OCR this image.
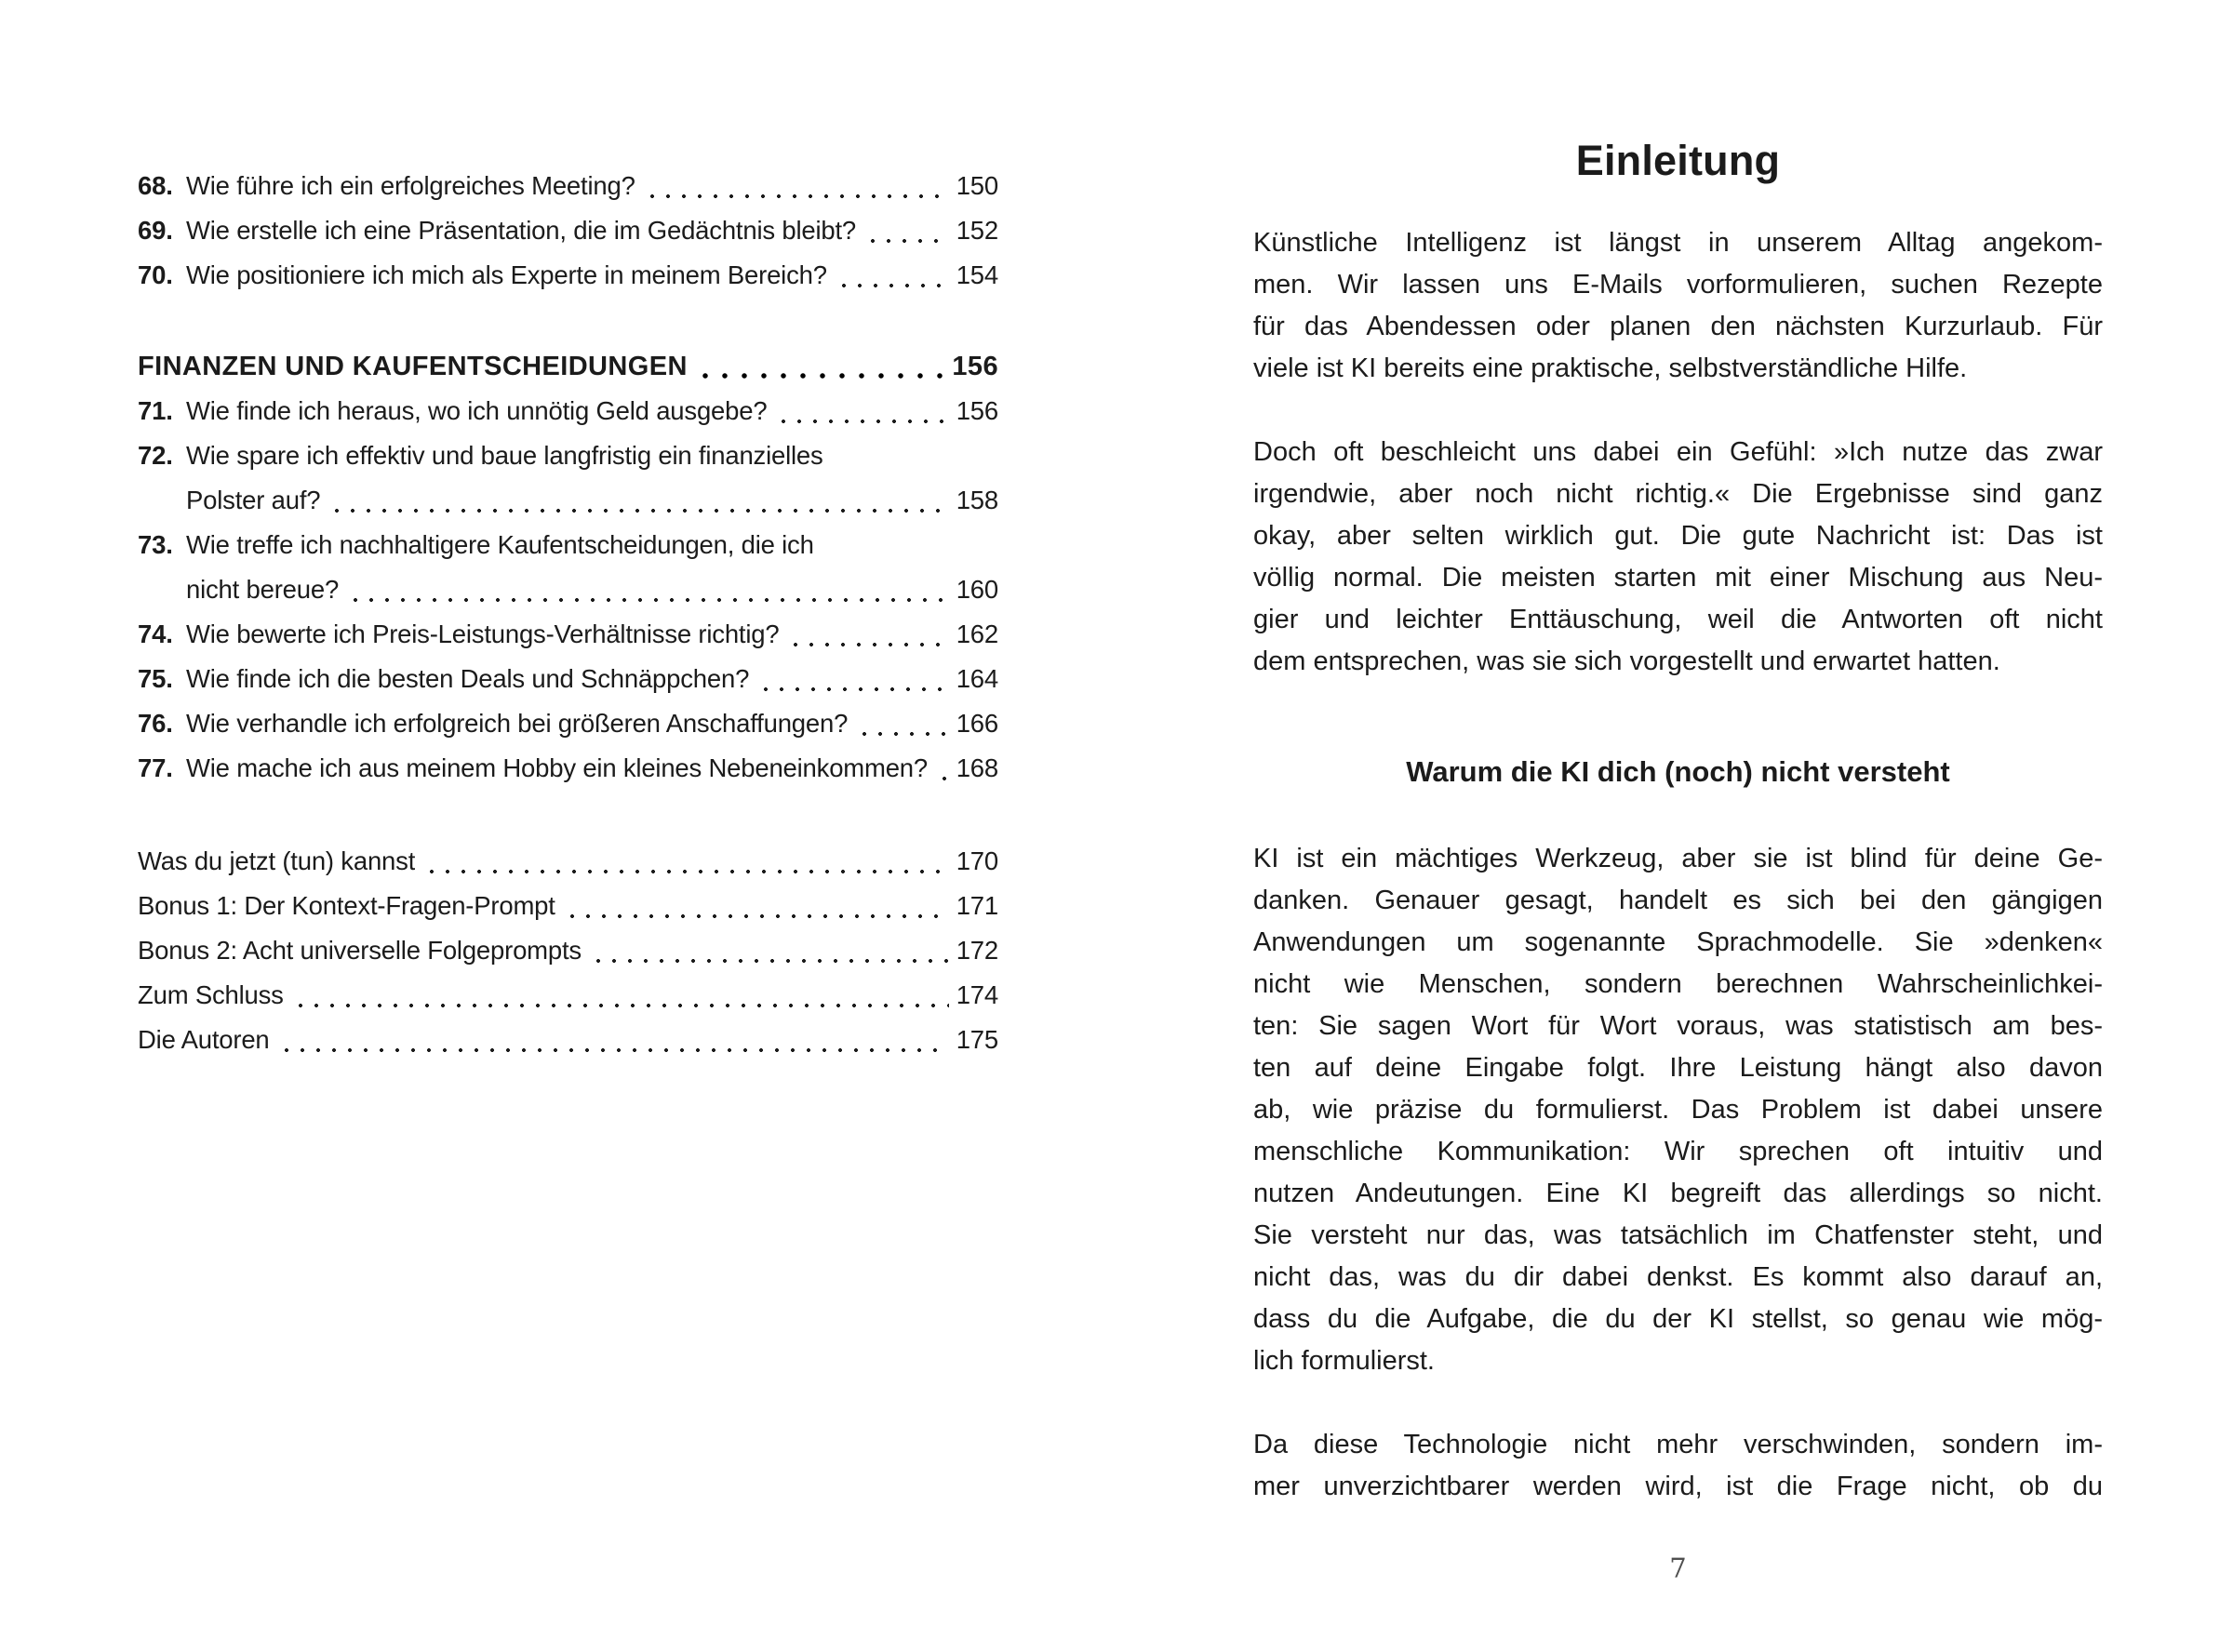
68. Wie führe ich ein erfolgreiches Meeting?	150
69. Wie erstelle ich eine Präsentation, die im Gedächtnis bleibt?	152
70. Wie positioniere ich mich als Experte in meinem Bereich?	154
FINANZEN UND KAUFENTSCHEIDUNGEN	156
71. Wie finde ich heraus, wo ich unnötig Geld ausgebe?	156
72. Wie spare ich effektiv und baue langfristig ein finanzielles
Polster auf?	158
73. Wie treffe ich nachhaltigere Kaufentscheidungen, die ich
nicht bereue?	160
74. Wie bewerte ich Preis-Leistungs-Verhältnisse richtig?	162
75. Wie finde ich die besten Deals und Schnäppchen?	164
76. Wie verhandle ich erfolgreich bei größeren Anschaffungen?	166
77. Wie mache ich aus meinem Hobby ein kleines Nebeneinkommen? 168
Was du jetzt (tun) kannst	170
Bonus 1: Der Kontext-Fragen-Prompt	171
Bonus 2: Acht universelle Folgeprompts	172
Zum Schluss	174
Die Autoren	175
Einleitung
Künstliche Intelligenz ist längst in unserem Alltag angekom-
men. Wir lassen uns E-Mails vorformulieren, suchen Rezepte
für das Abendessen oder planen den nächsten Kurzurlaub. Für
viele ist KI bereits eine praktische, selbstverständliche Hilfe.
Doch oft beschleicht uns dabei ein Gefühl: »Ich nutze das zwar
irgendwie, aber noch nicht richtig.« Die Ergebnisse sind ganz
okay, aber selten wirklich gut. Die gute Nachricht ist: Das ist
völlig normal. Die meisten starten mit einer Mischung aus Neu-
gier und leichter Enttäuschung, weil die Antworten oft nicht
dem entsprechen, was sie sich vorgestellt und erwartet hatten.
Warum die KI dich (noch) nicht versteht
KI ist ein mächtiges Werkzeug, aber sie ist blind für deine Ge-
danken. Genauer gesagt, handelt es sich bei den gängigen
Anwendungen um sogenannte Sprachmodelle. Sie »denken«
nicht wie Menschen, sondern berechnen Wahrscheinlichkei-
ten: Sie sagen Wort für Wort voraus, was statistisch am bes-
ten auf deine Eingabe folgt. Ihre Leistung hängt also davon
ab, wie präzise du formulierst. Das Problem ist dabei unsere
menschliche Kommunikation: Wir sprechen oft intuitiv und
nutzen Andeutungen. Eine KI begreift das allerdings so nicht.
Sie versteht nur das, was tatsächlich im Chatfenster steht, und
nicht das, was du dir dabei denkst. Es kommt also darauf an,
dass du die Aufgabe, die du der KI stellst, so genau wie mög-
lich formulierst.
Da diese Technologie nicht mehr verschwinden, sondern im-
mer unverzichtbarer werden wird, ist die Frage nicht, ob du
7
